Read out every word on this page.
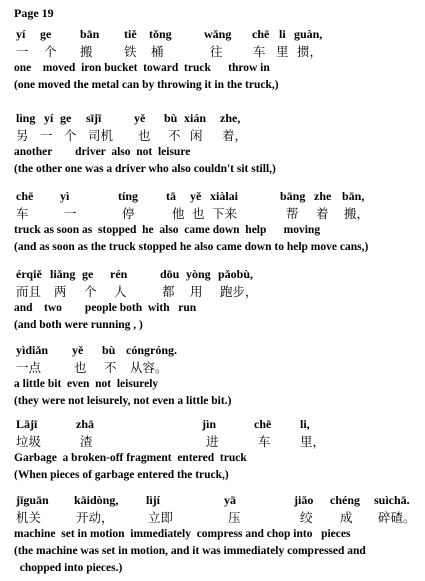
Page 19
yí ge bān tiě tǒng	wǎng chē li guàn,
一 个 搬	铁 桶	往 车 里 掼，
one    moved  iron bucket  toward  truck      throw in
(one moved the metal can by throwing it in the truck,)
lìng yí ge sījī	yě bù xián zhe,
另 一 个 司机 也 不 闲 着，
another        driver  also  not  leisure
(the other one was a driver who also couldn't sit still,)
chē yì	tíng tā yě xiàlai	bāng zhe bān,
车	一	停	他 也 下来	帮 着 搬，
truck as soon as  stopped  he  also  came down  help      moving
(and as soon as the truck stopped he also came down to help move cans,)
érqiě liǎng ge rén	dōu yòng pǎobù,
而且 两 个 人	都 用 跑步，
and    two        people both  with   run
(and both were running , )
yìdiǎn yě bù cóngróng.
一点	也 不 从容。
a little bit  even  not  leisurely
(they were not leisurely, not even a little bit.)
Lājī	zhā	jìn	chē li,
垃圾	渣	进	车 里，
Garbage  a broken-off fragment  entered  truck
(When pieces of garbage entered the truck,)
jīguān kāidòng, lìjí	yā	jiǎo chéng suìchā.
机关	开动，	立即	压	绞 成 碎碴。
machine  set in motion  immediately  compress and chop into   pieces
(the machine was set in motion, and it was immediately compressed and
chopped into pieces.)
